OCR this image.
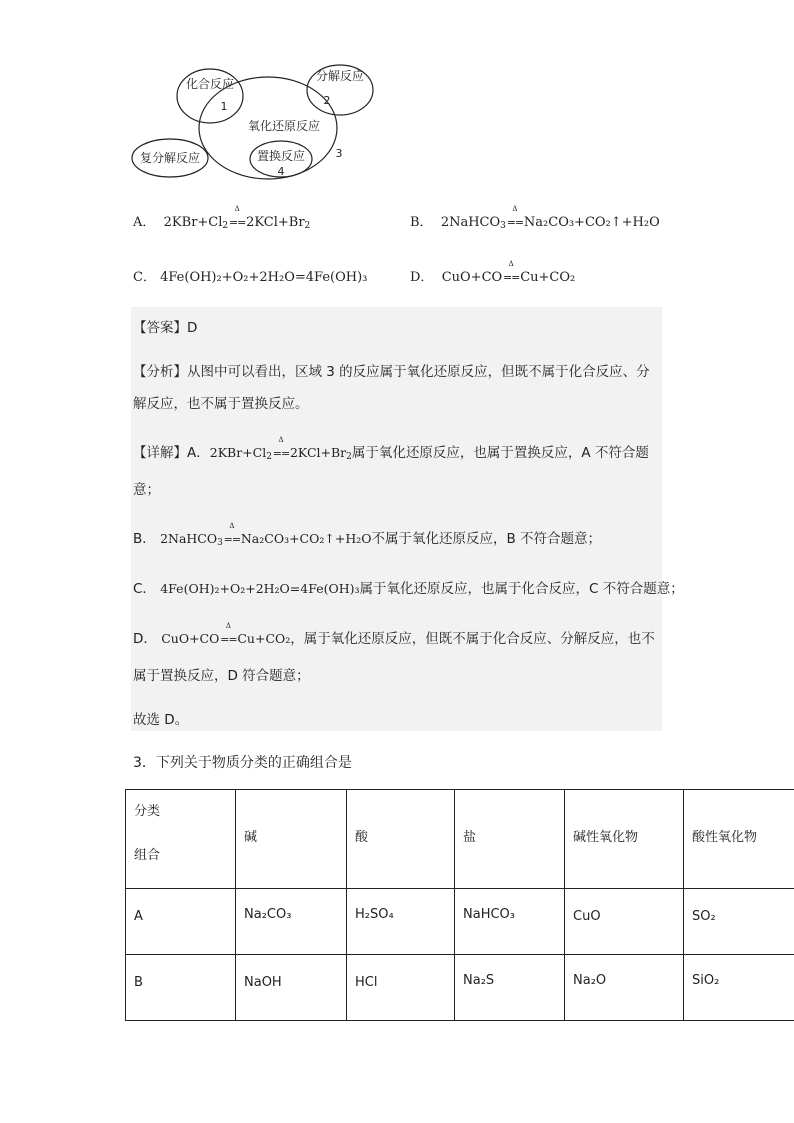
化合反应
1
分解反应
2
氧化还原反应
3
复分解反应	置换反应
4
A． $2KBr+Cl_2$
Δ
== $2KCl+Br_2$	B． 2NaHCO$_3$
Δ
== Na₂CO₃+CO₂↑+H₂O
C． 4Fe(OH)₂+O₂+2H₂O=4Fe(OH)₃	D． CuO+CO
Δ
== Cu+CO₂
【答案】D
【分析】从图中可以看出，区域 3 的反应属于氧化还原反应，但既不属于化合反应、分
解反应，也不属于置换反应。
【详解】A．$2KBr+Cl_2$
Δ
== $2KCl+Br_2$属于氧化还原反应，也属于置换反应，A 不符合题
意；
B． 2NaHCO$_3$
Δ
== Na₂CO₃+CO₂↑+H₂O不属于氧化还原反应，B 不符合题意；
C． 4Fe(OH)₂+O₂+2H₂O=4Fe(OH)₃属于氧化还原反应，也属于化合反应，C 不符合题意；
D． CuO+CO
Δ
== Cu+CO₂，属于氧化还原反应，但既不属于化合反应、分解反应，也不
属于置换反应，D 符合题意；
故选 D。
3．下列关于物质分类的正确组合是
分类
组合	碱	酸	盐	碱性氧化物	酸性氧化物

A	Na₂CO₃	H₂SO₄	NaHCO₃	CuO	SO₂

B	NaOH	HCl	Na₂S	Na₂O	SiO₂
